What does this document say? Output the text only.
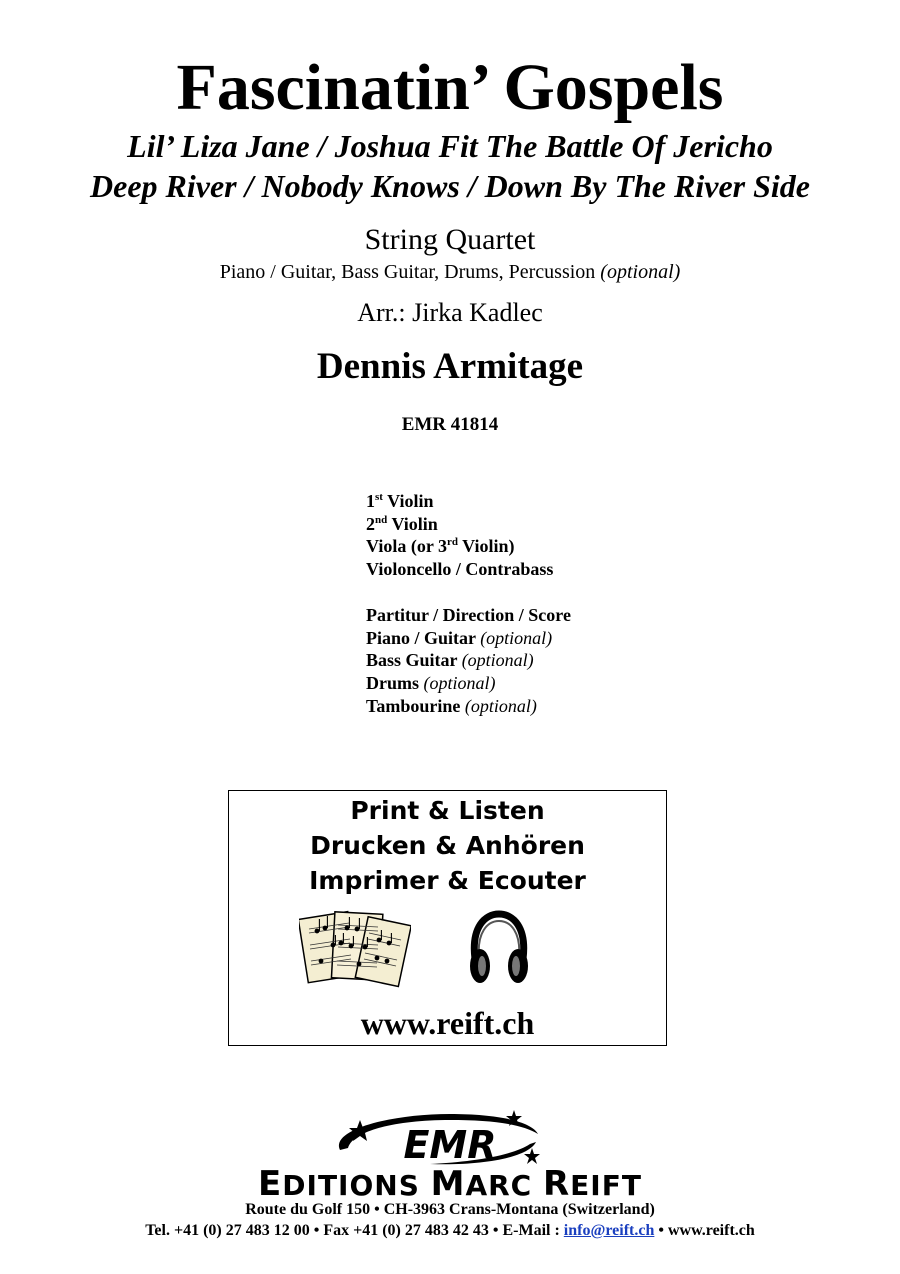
Fascinatin’ Gospels
Lil’ Liza Jane / Joshua Fit The Battle Of Jericho
Deep River / Nobody Knows / Down By The River Side
String Quartet
Piano / Guitar, Bass Guitar, Drums, Percussion (optional)
Arr.: Jirka Kadlec
Dennis Armitage
EMR 41814
1st Violin
2nd Violin
Viola (or 3rd Violin)
Violoncello / Contrabass
Partitur / Direction / Score
Piano / Guitar (optional)
Bass Guitar (optional)
Drums (optional)
Tambourine (optional)
Print & Listen
Drucken & Anhören
Imprimer & Ecouter
www.reift.ch
EMR
EDITIONS MARC REIFT
Route du Golf 150 • CH-3963 Crans-Montana (Switzerland)
Tel. +41 (0) 27 483 12 00 • Fax +41 (0) 27 483 42 43 • E-Mail : info@reift.ch • www.reift.ch
